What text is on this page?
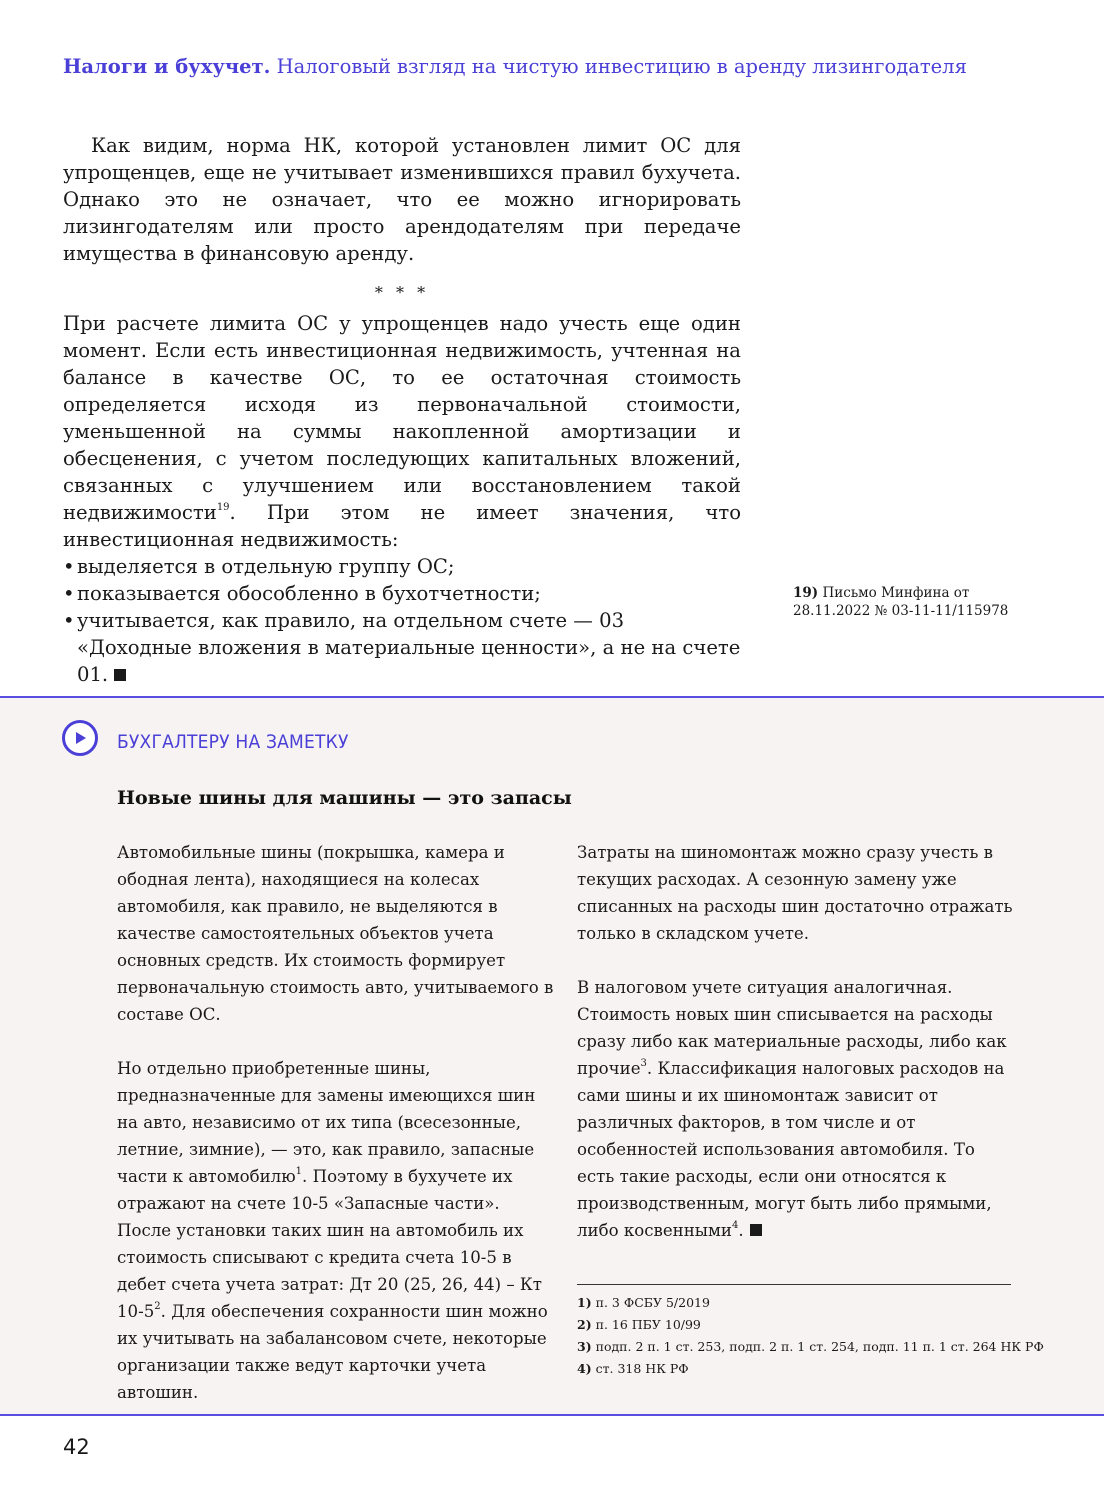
Налоги и бухучет. Налоговый взгляд на чистую инвестицию в аренду лизингодателя

Как видим, норма НК, которой установлен лимит ОС для упрощенцев, еще не учитывает изменившихся правил бухучета. Однако это не означает, что ее можно игнорировать лизингодателям или просто арендодателям при передаче имущества в финансовую аренду.

* * *

При расчете лимита ОС у упрощенцев надо учесть еще один момент. Если есть инвестиционная недвижимость, учтенная на балансе в качестве ОС, то ее остаточная стоимость определяется исходя из первоначальной стоимости, уменьшенной на суммы накопленной амортизации и обесценения, с учетом последующих капитальных вложений, связанных с улучшением или восстановлением такой недвижимости$^{19}$. При этом не имеет значения, что инвестиционная недвижимость:

• выделяется в отдельную группу ОС;
• показывается обособленно в бухотчетности;
• учитывается, как правило, на отдельном счете — 03 «Доходные вложения в материальные ценности», а не на счете 01.
19) Письмо Минфина от 28.11.2022 № 03-11-11/115978
БУХГАЛТЕРУ НА ЗАМЕТКУ
Новые шины для машины — это запасы

Автомобильные шины (покрышка, камера и ободная лента), находящиеся на колесах автомобиля, как правило, не выделяются в качестве самостоятельных объектов учета основных средств. Их стоимость формирует первоначальную стоимость авто, учитываемого в составе ОС.

Но отдельно приобретенные шины, предназначенные для замены имеющихся шин на авто, независимо от их типа (всесезонные, летние, зимние), — это, как правило, запасные части к автомобилю$^1$. Поэтому в бухучете их отражают на счете 10-5 «Запасные части». После установки таких шин на автомобиль их стоимость списывают с кредита счета 10-5 в дебет счета учета затрат: Дт 20 (25, 26, 44) – Кт $10-5^2$. Для обеспечения сохранности шин можно их учитывать на забалансовом счете, некоторые организации также ведут карточки учета автошин.

Затраты на шиномонтаж можно сразу учесть в текущих расходах. А сезонную замену уже списанных на расходы шин достаточно отражать только в складском учете.

В налоговом учете ситуация аналогичная. Стоимость новых шин списывается на расходы сразу либо как материальные расходы, либо как прочие$^3$. Классификация налоговых расходов на сами шины и их шиномонтаж зависит от различных факторов, в том числе и от особенностей использования автомобиля. То есть такие расходы, если они относятся к производственным, могут быть либо прямыми, либо косвенными$^4$.

1) п. 3 ФСБУ 5/2019
2) п. 16 ПБУ 10/99
3) подп. 2 п. 1 ст. 253, подп. 2 п. 1 ст. 254, подп. 11 п. 1 ст. 264 НК РФ
4) ст. 318 НК РФ
42
